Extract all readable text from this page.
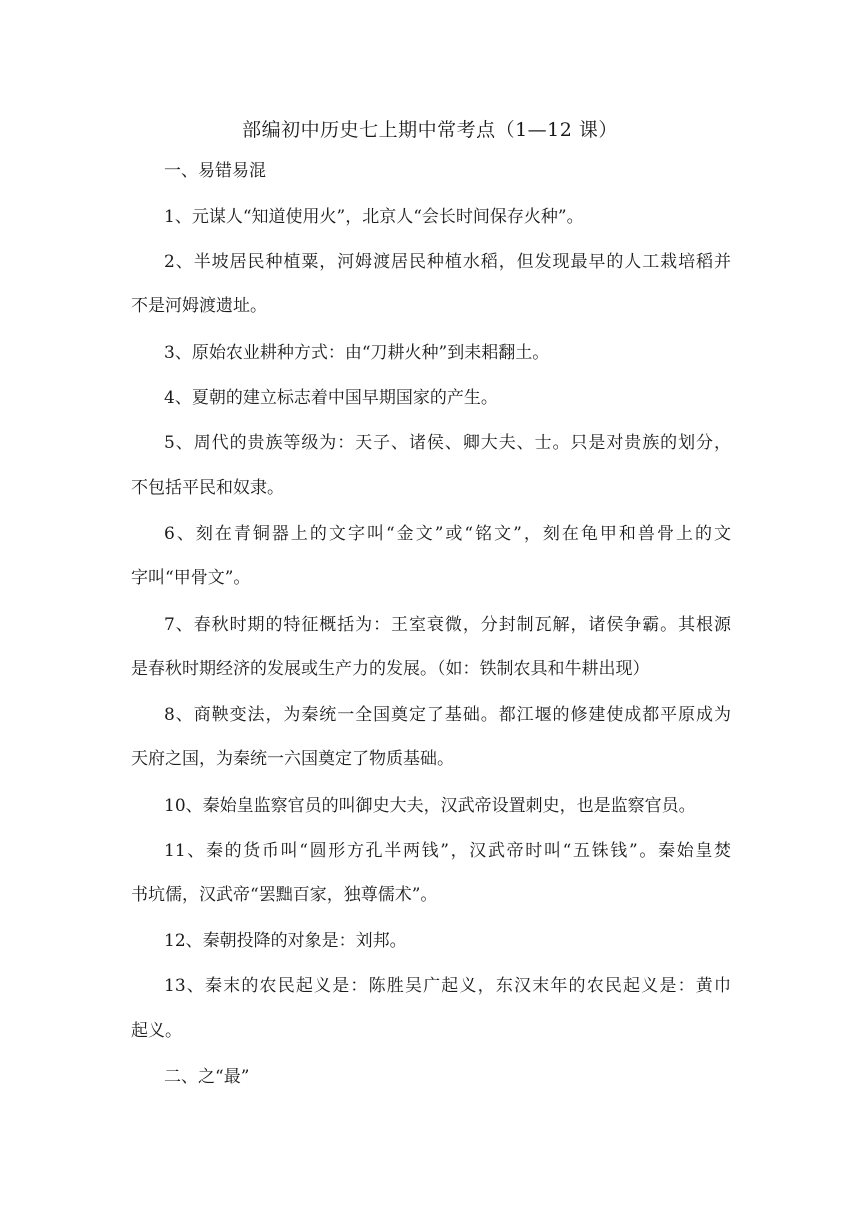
部编初中历史七上期中常考点（1—12 课）

一、易错易混

1、元谋人“知道使用火”，北京人“会长时间保存火种”。

2、半坡居民种植粟，河姆渡居民种植水稻，但发现最早的人工栽培稻并

不是河姆渡遗址。

3、原始农业耕种方式：由“刀耕火种”到耒耜翻土。

4、夏朝的建立标志着中国早期国家的产生。

5、周代的贵族等级为：天子、诸侯、卿大夫、士。只是对贵族的划分，

不包括平民和奴隶。

6、刻在青铜器上的文字叫“金文”或“铭文”，刻在龟甲和兽骨上的文

字叫“甲骨文”。

7、春秋时期的特征概括为：王室衰微，分封制瓦解，诸侯争霸。其根源

是春秋时期经济的发展或生产力的发展。（如：铁制农具和牛耕出现）

8、商鞅变法，为秦统一全国奠定了基础。都江堰的修建使成都平原成为

天府之国，为秦统一六国奠定了物质基础。

10、秦始皇监察官员的叫御史大夫，汉武帝设置刺史，也是监察官员。

11、秦的货币叫“圆形方孔半两钱”，汉武帝时叫“五铢钱”。秦始皇焚

书坑儒，汉武帝“罢黜百家，独尊儒术”。

12、秦朝投降的对象是：刘邦。

13、秦末的农民起义是：陈胜吴广起义，东汉末年的农民起义是：黄巾

起义。

二、之“最”
